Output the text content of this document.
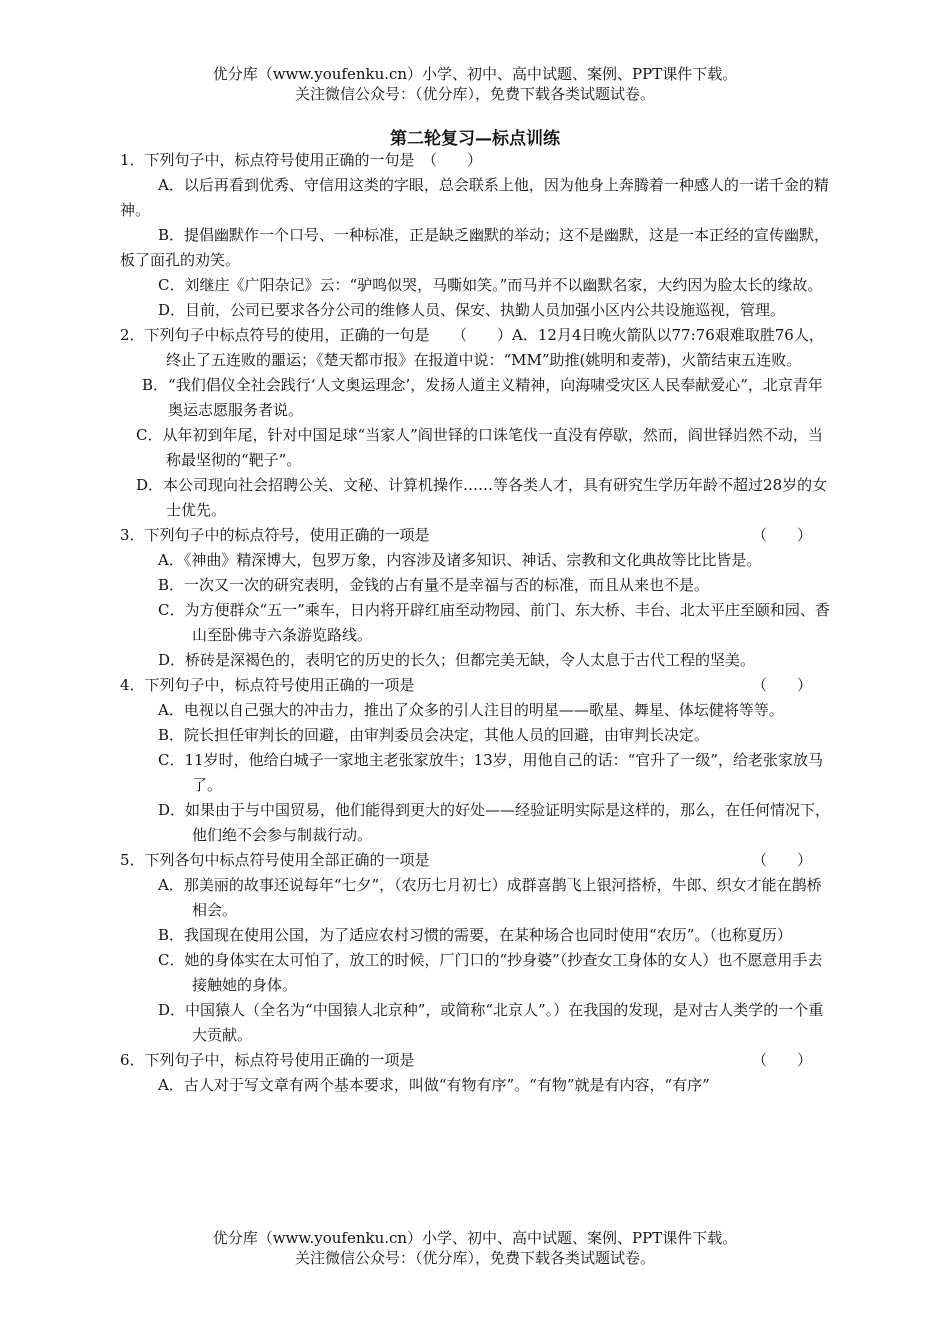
优分库（www.youfenku.cn）小学、初中、高中试题、案例、PPT课件下载。
关注微信公众号：（优分库），免费下载各类试题试卷。
第二轮复习—标点训练

1．下列句子中，标点符号使用正确的一句是　（　　）

A．以后再看到优秀、守信用这类的字眼，总会联系上他，因为他身上奔腾着一种感人的一诺千金的精神。

B．提倡幽默作一个口号、一种标准，正是缺乏幽默的举动；这不是幽默，这是一本正经的宣传幽默，板了面孔的劝笑。

C．刘继庄《广阳杂记》云：“驴鸣似哭，马嘶如笑。”而马并不以幽默名家，大约因为脸太长的缘故。

D．目前，公司已要求各分公司的维修人员、保安、执勤人员加强小区内公共设施巡视，管理。

2．下列句子中标点符号的使用，正确的一句是　　（　　）A．12月4日晚火箭队以77:76艰难取胜76人，终止了五连败的噩运；《楚天都市报》在报道中说：“MM”助推(姚明和麦蒂)，火箭结束五连败。

B．“我们倡仪全社会践行‘人文奥运理念’，发扬人道主义精神，向海啸受灾区人民奉献爱心”，北京青年奥运志愿服务者说。

C．从年初到年尾，针对中国足球“当家人”阎世铎的口诛笔伐一直没有停歇，然而，阎世铎岿然不动，当称最坚彻的“靶子”。

D．本公司现向社会招聘公关、文秘、计算机操作……等各类人才，具有研究生学历年龄不超过28岁的女士优先。

3．下列句子中的标点符号，使用正确的一项是	（　　）

A．《神曲》精深博大，包罗万象，内容涉及诸多知识、神话、宗教和文化典故等比比皆是。

B．一次又一次的研究表明，金钱的占有量不是幸福与否的标准，而且从来也不是。

C．为方便群众“五一”乘车，日内将开辟红庙至动物园、前门、东大桥、丰台、北太平庄至颐和园、香山至卧佛寺六条游览路线。

D．桥砖是深褐色的，表明它的历史的长久；但都完美无缺，令人太息于古代工程的坚美。

4．下列句子中，标点符号使用正确的一项是	（　　）

A．电视以自己强大的冲击力，推出了众多的引人注目的明星——歌星、舞星、体坛健将等等。

B．院长担任审判长的回避，由审判委员会决定，其他人员的回避，由审判长决定。

C．11岁时，他给白城子一家地主老张家放牛；13岁，用他自己的话：“官升了一级”，给老张家放马了。

D．如果由于与中国贸易，他们能得到更大的好处——经验证明实际是这样的，那么，在任何情况下，他们绝不会参与制裁行动。

5．下列各句中标点符号使用全部正确的一项是	（　　）

A．那美丽的故事还说每年“七夕”，（农历七月初七）成群喜鹊飞上银河搭桥，牛郎、织女才能在鹊桥相会。

B．我国现在使用公国，为了适应农村习惯的需要，在某种场合也同时使用“农历”。（也称夏历）

C．她的身体实在太可怕了，放工的时候，厂门口的“抄身婆”（抄查女工身体的女人）也不愿意用手去接触她的身体。

D．中国猿人（全名为“中国猿人北京种”，或简称“北京人”。）在我国的发现，是对古人类学的一个重大贡献。

6．下列句子中，标点符号使用正确的一项是	（　　）

A．古人对于写文章有两个基本要求，叫做“有物有序”。“有物”就是有内容，“有序”

优分库（www.youfenku.cn）小学、初中、高中试题、案例、PPT课件下载。
关注微信公众号：（优分库），免费下载各类试题试卷。
